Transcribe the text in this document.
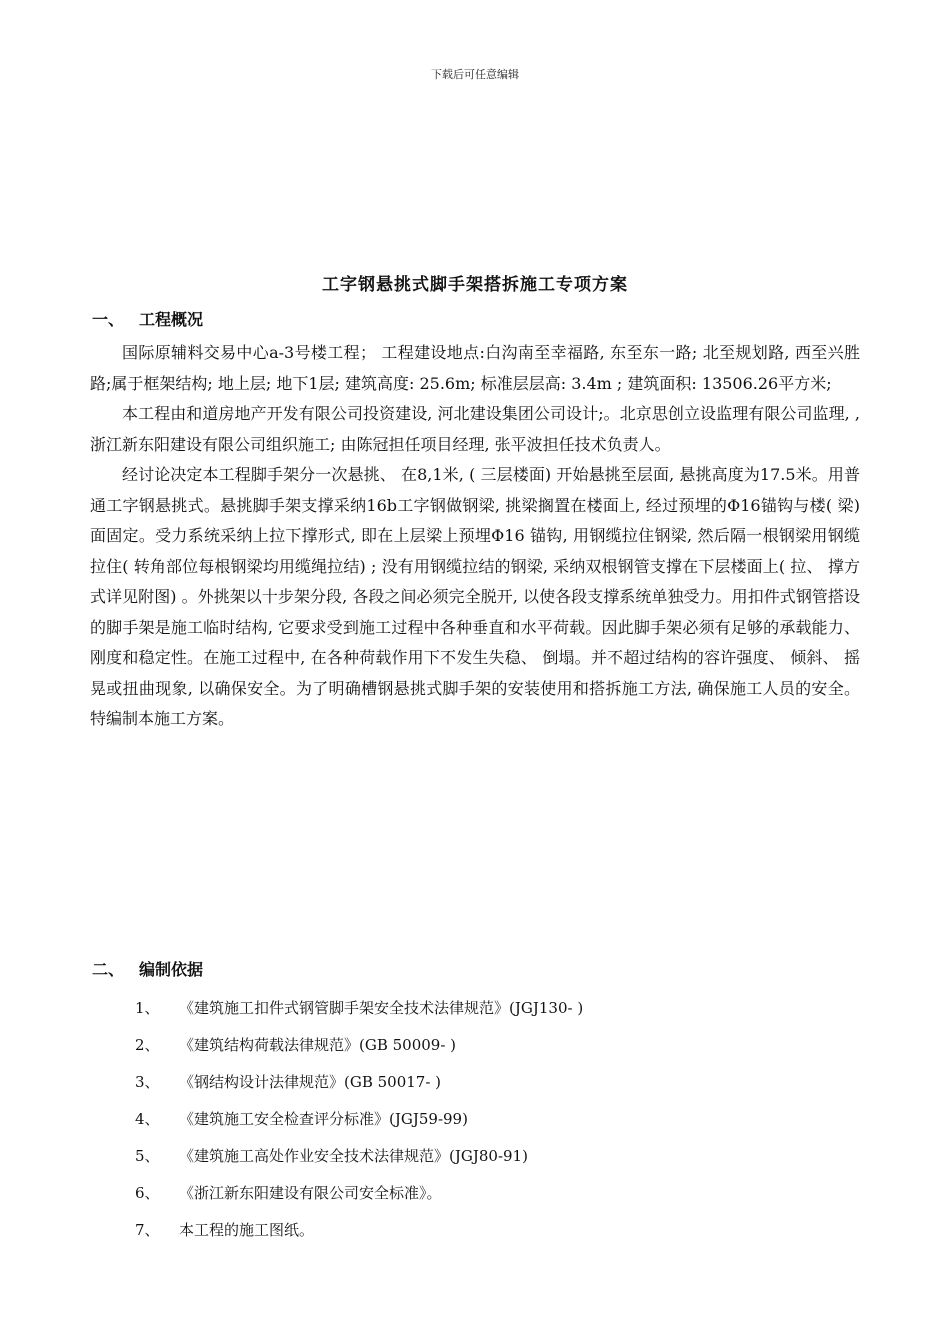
下载后可任意编辑
工字钢悬挑式脚手架搭拆施工专项方案
一、 工程概况

国际原辅料交易中心a-3号楼工程； 工程建设地点:白沟南至幸福路, 东至东一路; 北至规划路, 西至兴胜路;属于框架结构; 地上层; 地下1层; 建筑高度: 25.6m; 标准层层高: 3.4m ; 建筑面积: 13506.26平方米;

本工程由和道房地产开发有限公司投资建设, 河北建设集团公司设计;。北京思创立设监理有限公司监理, , 浙江新东阳建设有限公司组织施工; 由陈冠担任项目经理, 张平波担任技术负责人。

经讨论决定本工程脚手架分一次悬挑、 在8,1米, ( 三层楼面) 开始悬挑至层面, 悬挑高度为17.5米。用普通工字钢悬挑式。悬挑脚手架支撑采纳16b工字钢做钢梁, 挑梁搁置在楼面上, 经过预埋的Φ16锚钩与楼( 梁) 面固定。受力系统采纳上拉下撑形式, 即在上层梁上预埋Φ16 锚钩, 用钢缆拉住钢梁, 然后隔一根钢梁用钢缆拉住( 转角部位每根钢梁均用缆绳拉结) ; 没有用钢缆拉结的钢梁, 采纳双根钢管支撑在下层楼面上( 拉、 撑方式详见附图) 。外挑架以十步架分段, 各段之间必须完全脱开, 以使各段支撑系统单独受力。用扣件式钢管搭设的脚手架是施工临时结构, 它要求受到施工过程中各种垂直和水平荷载。因此脚手架必须有足够的承载能力、 刚度和稳定性。在施工过程中, 在各种荷载作用下不发生失稳、 倒塌。并不超过结构的容许强度、 倾斜、 摇晃或扭曲现象, 以确保安全。为了明确槽钢悬挑式脚手架的安装使用和搭拆施工方法, 确保施工人员的安全。特编制本施工方案。

二、 编制依据
1、 《建筑施工扣件式钢管脚手架安全技术法律规范》(JGJ130- )
2、 《建筑结构荷载法律规范》(GB 50009- )
3、 《钢结构设计法律规范》(GB 50017- )
4、 《建筑施工安全检查评分标准》(JGJ59-99)
5、 《建筑施工高处作业安全技术法律规范》(JGJ80-91)
6、 《浙江新东阳建设有限公司安全标准》。
7、 本工程的施工图纸。
